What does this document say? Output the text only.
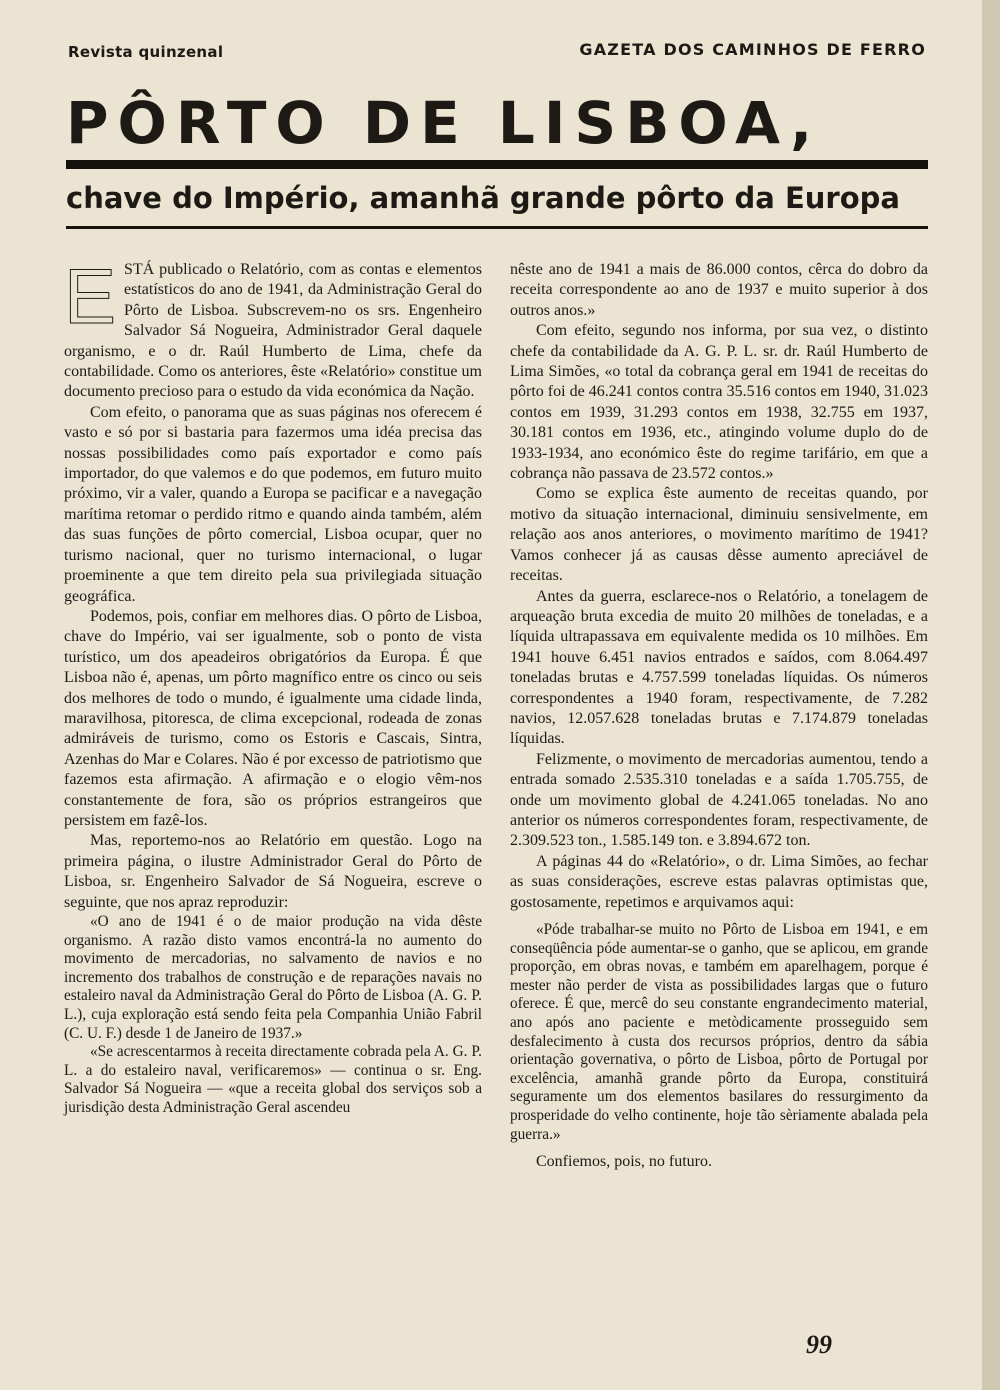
Revista quinzenal	GAZETA DOS CAMINHOS DE FERRO
PÔRTO DE LISBOA,
chave do Império, amanhã grande pôrto da Europa

ESTÁ publicado o Relatório, com as contas e elementos estatísticos do ano de 1941, da Administração Geral do Pôrto de Lisboa. Subscrevem-no os srs. Engenheiro Salvador Sá Nogueira, Administrador Geral daquele organismo, e o dr. Raúl Humberto de Lima, chefe da contabilidade. Como os anteriores, êste «Relatório» constitue um documento precioso para o estudo da vida económica da Nação.

Com efeito, o panorama que as suas páginas nos oferecem é vasto e só por si bastaria para fazermos uma idéa precisa das nossas possibilidades como país exportador e como país importador, do que valemos e do que podemos, em futuro muito próximo, vir a valer, quando a Europa se pacificar e a navegação marítima retomar o perdido ritmo e quando ainda também, além das suas funções de pôrto comercial, Lisboa ocupar, quer no turismo nacional, quer no turismo internacional, o lugar proeminente a que tem direito pela sua privilegiada situação geográfica.

Podemos, pois, confiar em melhores dias. O pôrto de Lisboa, chave do Império, vai ser igualmente, sob o ponto de vista turístico, um dos apeadeiros obrigatórios da Europa. É que Lisboa não é, apenas, um pôrto magnífico entre os cinco ou seis dos melhores de todo o mundo, é igualmente uma cidade linda, maravilhosa, pitoresca, de clima excepcional, rodeada de zonas admiráveis de turismo, como os Estoris e Cascais, Sintra, Azenhas do Mar e Colares. Não é por excesso de patriotismo que fazemos esta afirmação. A afirmação e o elogio vêm-nos constantemente de fora, são os próprios estrangeiros que persistem em fazê-los.

Mas, reportemo-nos ao Relatório em questão. Logo na primeira página, o ilustre Administrador Geral do Pôrto de Lisboa, sr. Engenheiro Salvador de Sá Nogueira, escreve o seguinte, que nos apraz reproduzir:

«O ano de 1941 é o de maior produção na vida dêste organismo. A razão disto vamos encontrá-la no aumento do movimento de mercadorias, no salvamento de navios e no incremento dos trabalhos de construção e de reparações navais no estaleiro naval da Administração Geral do Pôrto de Lisboa (A. G. P. L.), cuja exploração está sendo feita pela Companhia União Fabril (C. U. F.) desde 1 de Janeiro de 1937.»

«Se acrescentarmos à receita directamente cobrada pela A. G. P. L. a do estaleiro naval, verificaremos» — continua o sr. Eng. Salvador Sá Nogueira — «que a receita global dos serviços sob a jurisdição desta Administração Geral ascendeu

nêste ano de 1941 a mais de 86.000 contos, cêrca do dobro da receita correspondente ao ano de 1937 e muito superior à dos outros anos.»

Com efeito, segundo nos informa, por sua vez, o distinto chefe da contabilidade da A. G. P. L. sr. dr. Raúl Humberto de Lima Simões, «o total da cobrança geral em 1941 de receitas do pôrto foi de 46.241 contos contra 35.516 contos em 1940, 31.023 contos em 1939, 31.293 contos em 1938, 32.755 em 1937, 30.181 contos em 1936, etc., atingindo volume duplo do de 1933-1934, ano económico êste do regime tarifário, em que a cobrança não passava de 23.572 contos.»

Como se explica êste aumento de receitas quando, por motivo da situação internacional, diminuiu sensivelmente, em relação aos anos anteriores, o movimento marítimo de 1941? Vamos conhecer já as causas dêsse aumento apreciável de receitas.

Antes da guerra, esclarece-nos o Relatório, a tonelagem de arqueação bruta excedia de muito 20 milhões de toneladas, e a líquida ultrapassava em equivalente medida os 10 milhões. Em 1941 houve 6.451 navios entrados e saídos, com 8.064.497 toneladas brutas e 4.757.599 toneladas líquidas. Os números correspondentes a 1940 foram, respectivamente, de 7.282 navios, 12.057.628 toneladas brutas e 7.174.879 toneladas líquidas.

Felizmente, o movimento de mercadorias aumentou, tendo a entrada somado 2.535.310 toneladas e a saída 1.705.755, de onde um movimento global de 4.241.065 toneladas. No ano anterior os números correspondentes foram, respectivamente, de 2.309.523 ton., 1.585.149 ton. e 3.894.672 ton.

A páginas 44 do «Relatório», o dr. Lima Simões, ao fechar as suas considerações, escreve estas palavras optimistas que, gostosamente, repetimos e arquivamos aqui:

«Póde trabalhar-se muito no Pôrto de Lisboa em 1941, e em conseqüência póde aumentar-se o ganho, que se aplicou, em grande proporção, em obras novas, e também em aparelhagem, porque é mester não perder de vista as possibilidades largas que o futuro oferece. É que, mercê do seu constante engrandecimento material, ano após ano paciente e metòdicamente prosseguido sem desfalecimento à custa dos recursos próprios, dentro da sábia orientação governativa, o pôrto de Lisboa, pôrto de Portugal por excelência, amanhã grande pôrto da Europa, constituirá seguramente um dos elementos basilares do ressurgimento da prosperidade do velho continente, hoje tão sèriamente abalada pela guerra.»

Confiemos, pois, no futuro.

99
